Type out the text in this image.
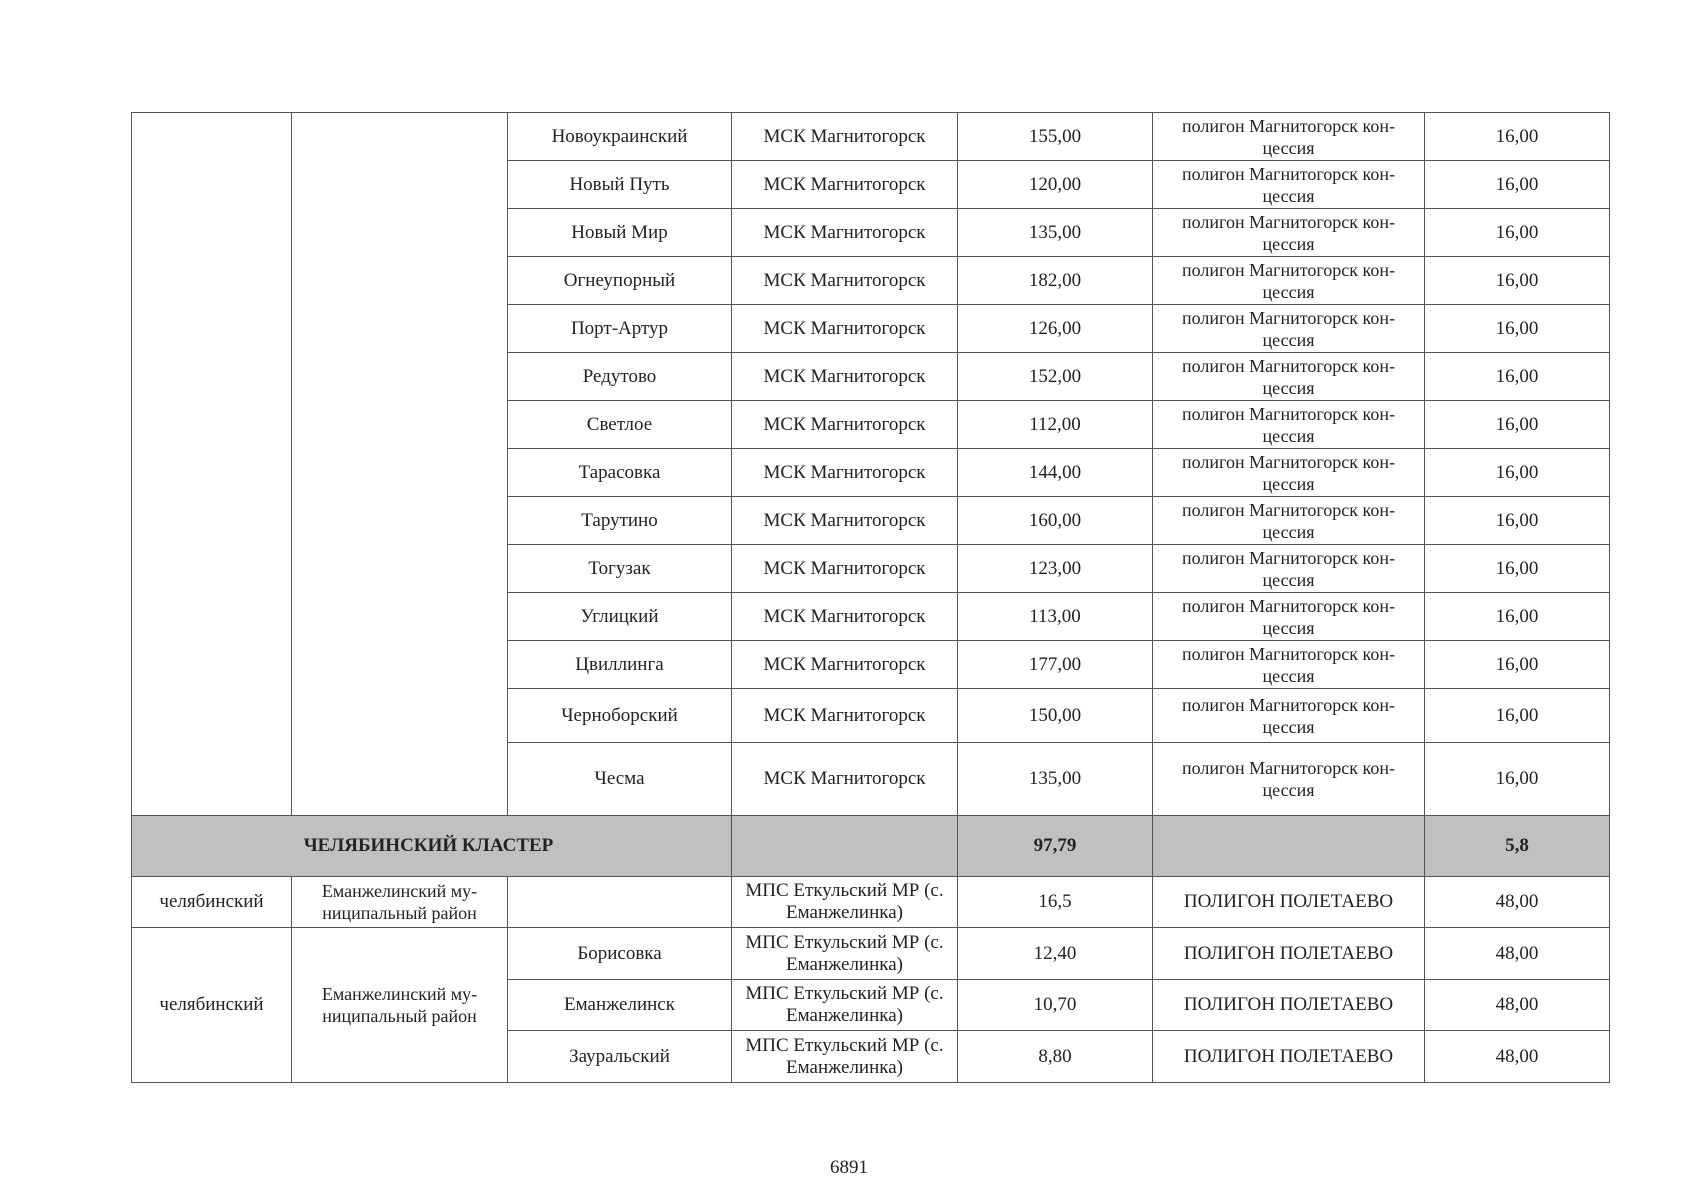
		Новоукраинский	МСК Магнитогорск	155,00	полигон Магнитогорск кон-цессия	16,00
		Новый Путь	МСК Магнитогорск	120,00	полигон Магнитогорск кон-цессия	16,00
		Новый Мир	МСК Магнитогорск	135,00	полигон Магнитогорск кон-цессия	16,00
		Огнеупорный	МСК Магнитогорск	182,00	полигон Магнитогорск кон-цессия	16,00
		Порт-Артур	МСК Магнитогорск	126,00	полигон Магнитогорск кон-цессия	16,00
		Редутово	МСК Магнитогорск	152,00	полигон Магнитогорск кон-цессия	16,00
		Светлое	МСК Магнитогорск	112,00	полигон Магнитогорск кон-цессия	16,00
		Тарасовка	МСК Магнитогорск	144,00	полигон Магнитогорск кон-цессия	16,00
		Тарутино	МСК Магнитогорск	160,00	полигон Магнитогорск кон-цессия	16,00
		Тогузак	МСК Магнитогорск	123,00	полигон Магнитогорск кон-цессия	16,00
		Углицкий	МСК Магнитогорск	113,00	полигон Магнитогорск кон-цессия	16,00
		Цвиллинга	МСК Магнитогорск	177,00	полигон Магнитогорск кон-цессия	16,00
		Черноборский	МСК Магнитогорск	150,00	полигон Магнитогорск кон-цессия	16,00
		Чесма	МСК Магнитогорск	135,00	полигон Магнитогорск кон-цессия	16,00
ЧЕЛЯБИНСКИЙ КЛАСТЕР				97,79		5,8
челябинский	Еманжелинский му-ниципальный район		МПС Еткульский МР (с. Еманжелинка)	16,5	ПОЛИГОН ПОЛЕТАЕВО	48,00
челябинский	Еманжелинский му-ниципальный район	Борисовка	МПС Еткульский МР (с. Еманжелинка)	12,40	ПОЛИГОН ПОЛЕТАЕВО	48,00
		Еманжелинск	МПС Еткульский МР (с. Еманжелинка)	10,70	ПОЛИГОН ПОЛЕТАЕВО	48,00
		Зауральский	МПС Еткульский МР (с. Еманжелинка)	8,80	ПОЛИГОН ПОЛЕТАЕВО	48,00
6891
